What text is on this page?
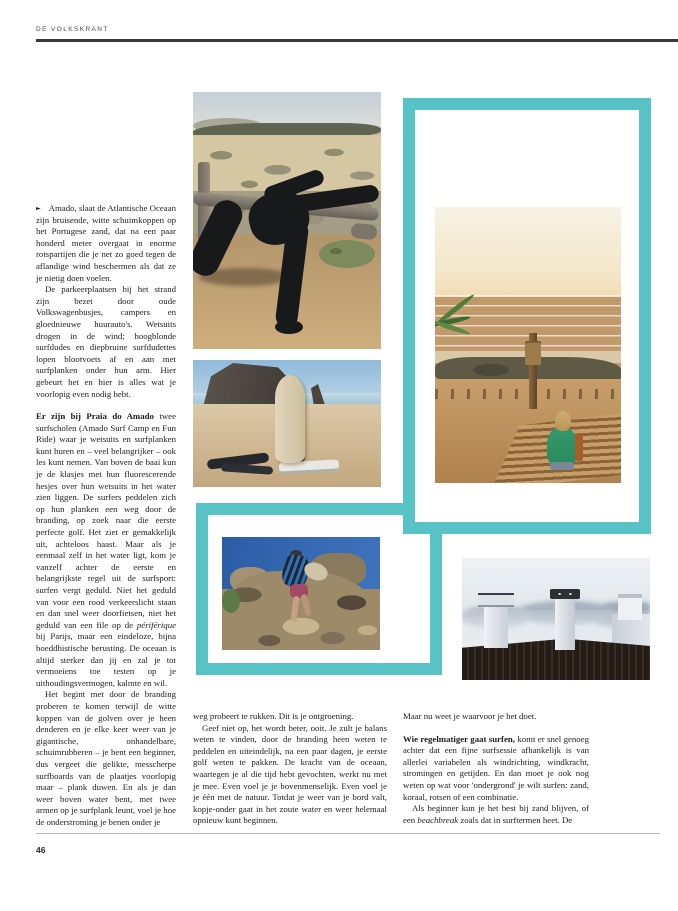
DE VOLKSKRANT

► Amado, slaat de Atlantische Oceaan zijn bruisende, witte schuimkoppen op het Portugese zand, dat na een paar honderd meter overgaat in enorme rotspartijen die je net zo goed tegen de aflandige wind beschermen als dat ze je nietig doen voelen.

De parkeerplaatsen bij het strand zijn bezet door oude Volkswagenbusjes, campers en gloednieuwe huurauto's. Wetsuits drogen in de wind; hoogblonde surfdudes en diepbruine surfdudettes lopen blootvoets af en aan met surfplanken onder hun arm. Hier gebeurt het en hier is alles wat je voorlopig even nodig hebt.

Er zijn bij Praia do Amado twee surfscholen (Amado Surf Camp en Fun Ride) waar je wetsuits en surfplanken kunt huren en – veel belangrijker – ook les kunt nemen. Van boven de baai kun je de klasjes met hun fluorescerende hesjes over hun wetsuits in het water zien liggen. De surfers peddelen zich op hun planken een weg door de branding, op zoek naar die eerste perfecte golf. Het ziet er gemakkelijk uit, achteloos haast. Maar als je eenmaal zelf in het water ligt, kom je vanzelf achter de eerste en belangrijkste regel uit de surfsport: surfen vergt geduld. Niet het geduld van voor een rood verkeerslicht staan en dan snel weer doorfietsen, niet het geduld van een file op de périférique bij Parijs, maar een eindeloze, bijna boeddhistische berusting. De oceaan is altijd sterker dan jij en zal je tot vermoeiens toe testen op je uithoudingsvermogen, kalmte en wil.

Het begint met door de branding proberen te komen terwijl de witte koppen van de golven over je heen denderen en je elke keer weer van je gigantische, onhandelbare, schuimrubberen – je bent een beginner, dus vergeet die gelikte, messcherpe surfboards van de plaatjes voorlopig maar – plank duwen. En als je dan weer boven water bent, met twee armen op je surfplank leunt, voel je hoe de onderstroming je benen onder je

weg probeert te rukken. Dit is je ontgroening.

Geef niet op, het wordt beter, ooit. Je zult je balans weten te vinden, door de branding heen weten te peddelen en uiteindelijk, na een paar dagen, je eerste golf weten te pakken. De kracht van de oceaan, waartegen je al die tijd hebt gevochten, werkt nu met je mee. Even voel je je bovenmenselijk. Even voel je je één met de natuur. Totdat je weer van je bord valt, kopje-onder gaat in het zoute water en weer helemaal opnieuw kunt beginnen.

Maar nu weet je waarvoor je het doet.

Wie regelmatiger gaat surfen, komt er snel genoeg achter dat een fijne surfsessie afhankelijk is van allerlei variabelen als windrichting, windkracht, stromingen en getijden. En dan moet je ook nog weten op wat voor 'ondergrond' je wilt surfen: zand, koraal, rotsen of een combinatie.

Als beginner kun je het best bij zand blijven, of een beachbreak zoals dat in surftermen heet. De

46
